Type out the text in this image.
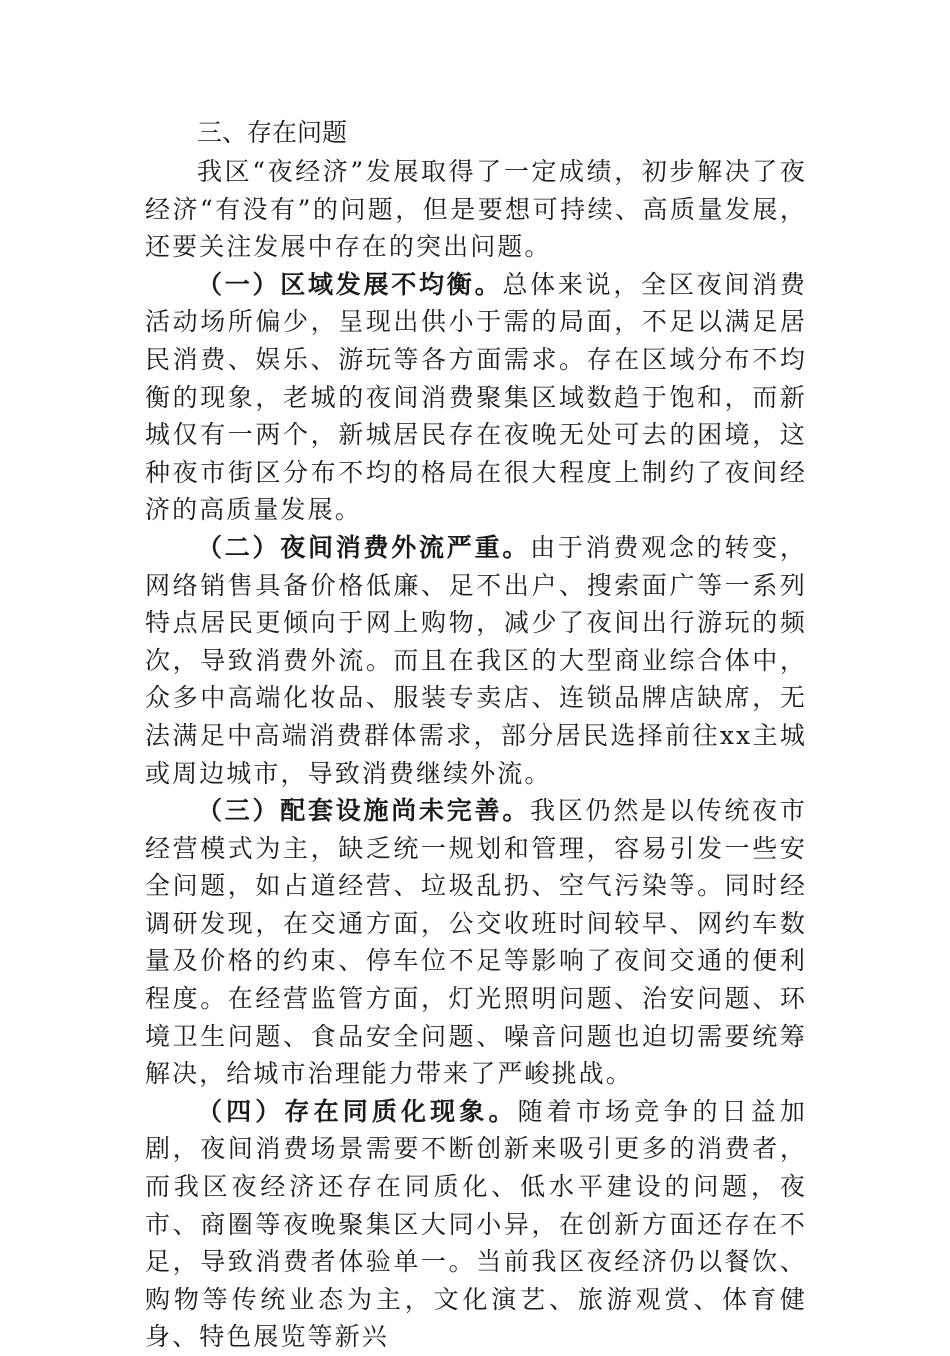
三、存在问题

我区“夜经济”发展取得了一定成绩，初步解决了夜经济“有没有”的问题，但是要想可持续、高质量发展，还要关注发展中存在的突出问题。

（一）区域发展不均衡。总体来说，全区夜间消费活动场所偏少，呈现出供小于需的局面，不足以满足居民消费、娱乐、游玩等各方面需求。存在区域分布不均衡的现象，老城的夜间消费聚集区域数趋于饱和，而新城仅有一两个，新城居民存在夜晚无处可去的困境，这种夜市街区分布不均的格局在很大程度上制约了夜间经济的高质量发展。

（二）夜间消费外流严重。由于消费观念的转变，网络销售具备价格低廉、足不出户、搜索面广等一系列特点居民更倾向于网上购物，减少了夜间出行游玩的频次，导致消费外流。而且在我区的大型商业综合体中，众多中高端化妆品、服装专卖店、连锁品牌店缺席，无法满足中高端消费群体需求，部分居民选择前往xx主城或周边城市，导致消费继续外流。

（三）配套设施尚未完善。我区仍然是以传统夜市经营模式为主，缺乏统一规划和管理，容易引发一些安全问题，如占道经营、垃圾乱扔、空气污染等。同时经调研发现，在交通方面，公交收班时间较早、网约车数量及价格的约束、停车位不足等影响了夜间交通的便利程度。在经营监管方面，灯光照明问题、治安问题、环境卫生问题、食品安全问题、噪音问题也迫切需要统筹解决，给城市治理能力带来了严峻挑战。

（四）存在同质化现象。随着市场竞争的日益加剧，夜间消费场景需要不断创新来吸引更多的消费者，而我区夜经济还存在同质化、低水平建设的问题，夜市、商圈等夜晚聚集区大同小异，在创新方面还存在不足，导致消费者体验单一。当前我区夜经济仍以餐饮、购物等传统业态为主，文化演艺、旅游观赏、体育健身、特色展览等新兴
